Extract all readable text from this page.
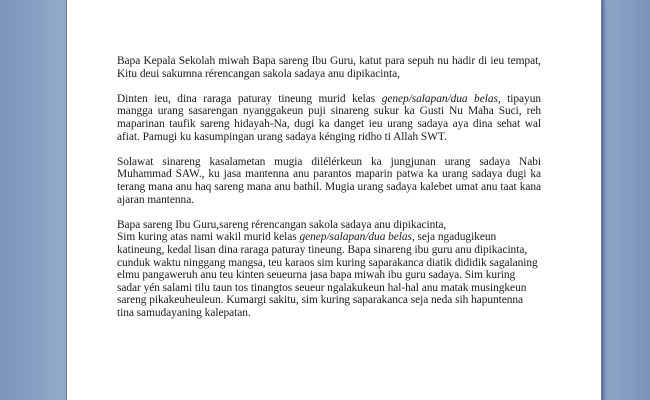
Bapa Kepala Sekolah miwah Bapa sareng Ibu Guru, katut para sepuh nu hadir di ieu tempat, Kitu deui sakumna rérencangan sakola sadaya anu dipikacinta,

Dinten ieu, dina raraga paturay tineung murid kelas genep/salapan/dua belas, tipayun mangga urang sasarengan nyanggakeun puji sinareng sukur ka Gusti Nu Maha Suci, reh maparinan taufik sareng hidayah-Na, dugi ka danget ieu urang sadaya aya dina sehat wal afiat. Pamugi ku kasumpingan urang sadaya kénging ridho ti Allah SWT.

Solawat sinareng kasalametan mugia dilélérkeun ka jungjunan urang sadaya Nabi Muhammad SAW., ku jasa mantenna anu parantos maparin patwa ka urang sadaya dugi ka terang mana anu haq sareng mana anu bathil. Mugia urang sadaya kalebet umat anu taat kana ajaran mantenna.

Bapa sareng Ibu Guru,sareng rérencangan sakola sadaya anu dipikacinta,

Sim kuring atas nami wakil murid kelas genep/salapan/dua belas, seja ngadugikeun katineung, kedal lisan dina raraga paturay tineung. Bapa sinareng ibu guru anu dipikacinta, cunduk waktu ninggang mangsa, teu karaos sim kuring saparakanca diatik dididik sagalaning elmu pangaweruh anu teu kinten seueurna jasa bapa miwah ibu guru sadaya. Sim kuring sadar yén salami tilu taun tos tinangtos seueur ngalakukeun hal-hal anu matak musingkeun sareng pikakeuheuleun. Kumargi sakitu, sim kuring saparakanca seja neda sih hapuntenna tina samudayaning kalepatan.
